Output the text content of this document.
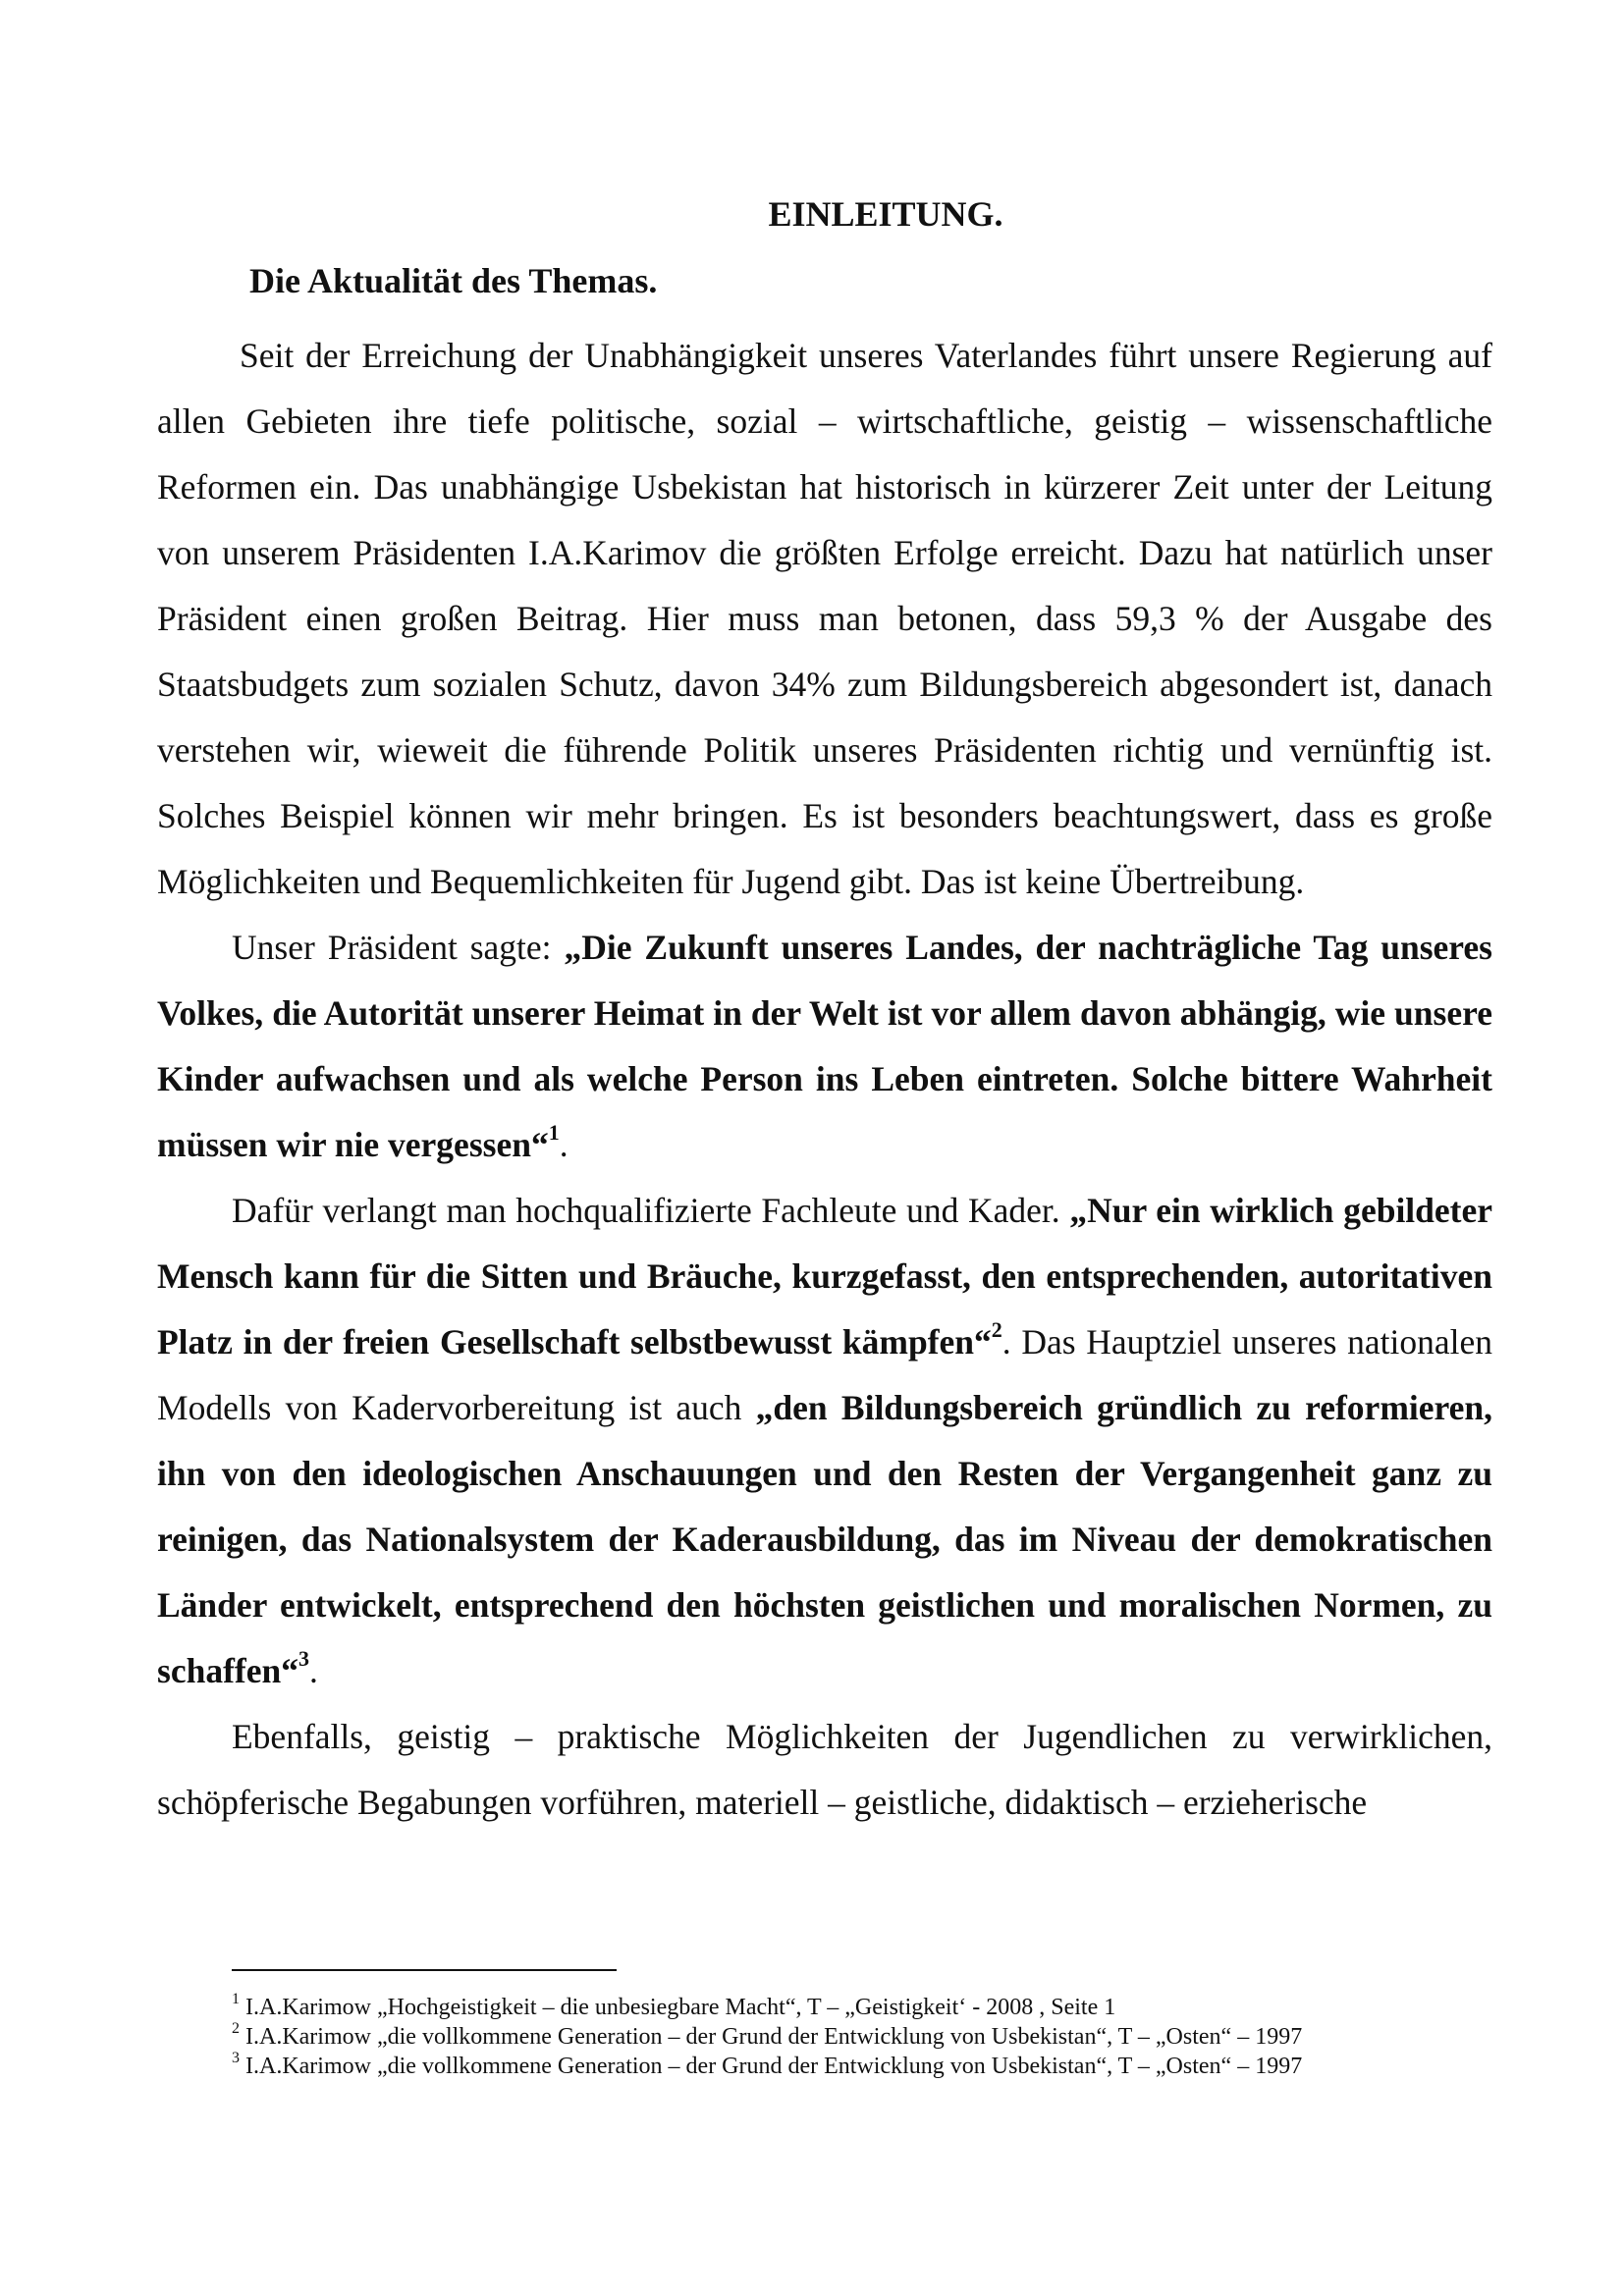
EINLEITUNG.
Die Aktualität des Themas.

Seit der Erreichung der Unabhängigkeit unseres Vaterlandes führt unsere Regierung auf allen Gebieten ihre tiefe politische, sozial – wirtschaftliche, geistig – wissenschaftliche Reformen ein. Das unabhängige Usbekistan hat historisch in kürzerer Zeit unter der Leitung von unserem Präsidenten I.A.Karimov die größten Erfolge erreicht. Dazu hat natürlich unser Präsident einen großen Beitrag. Hier muss man betonen, dass 59,3 % der Ausgabe des Staatsbudgets zum sozialen Schutz, davon 34% zum Bildungsbereich abgesondert ist, danach verstehen wir, wieweit die führende Politik unseres Präsidenten richtig und vernünftig ist. Solches Beispiel können wir mehr bringen. Es ist besonders beachtungswert, dass es große Möglichkeiten und Bequemlichkeiten für Jugend gibt. Das ist keine Übertreibung.

Unser Präsident sagte: „Die Zukunft unseres Landes, der nachträgliche Tag unseres Volkes, die Autorität unserer Heimat in der Welt ist vor allem davon abhängig, wie unsere Kinder aufwachsen und als welche Person ins Leben eintreten. Solche bittere Wahrheit müssen wir nie vergessen“$^1$.

Dafür verlangt man hochqualifizierte Fachleute und Kader. „Nur ein wirklich gebildeter Mensch kann für die Sitten und Bräuche, kurzgefasst, den entsprechenden, autoritativen Platz in der freien Gesellschaft selbstbewusst kämpfen“$^2$. Das Hauptziel unseres nationalen Modells von Kadervorbereitung ist auch „den Bildungsbereich gründlich zu reformieren, ihn von den ideologischen Anschauungen und den Resten der Vergangenheit ganz zu reinigen, das Nationalsystem der Kaderausbildung, das im Niveau der demokratischen Länder entwickelt, entsprechend den höchsten geistlichen und moralischen Normen, zu schaffen“$^3$.

Ebenfalls, geistig – praktische Möglichkeiten der Jugendlichen zu verwirklichen, schöpferische Begabungen vorführen, materiell – geistliche, didaktisch – erzieherische

$^1$ I.A.Karimow „Hochgeistigkeit – die unbesiegbare Macht“, T – „Geistigkeit‘ - 2008 , Seite 1

$^2$ I.A.Karimow „die vollkommene Generation – der Grund der Entwicklung von Usbekistan“, T – „Osten“ – 1997

$^3$ I.A.Karimow „die vollkommene Generation – der Grund der Entwicklung von Usbekistan“, T – „Osten“ – 1997
